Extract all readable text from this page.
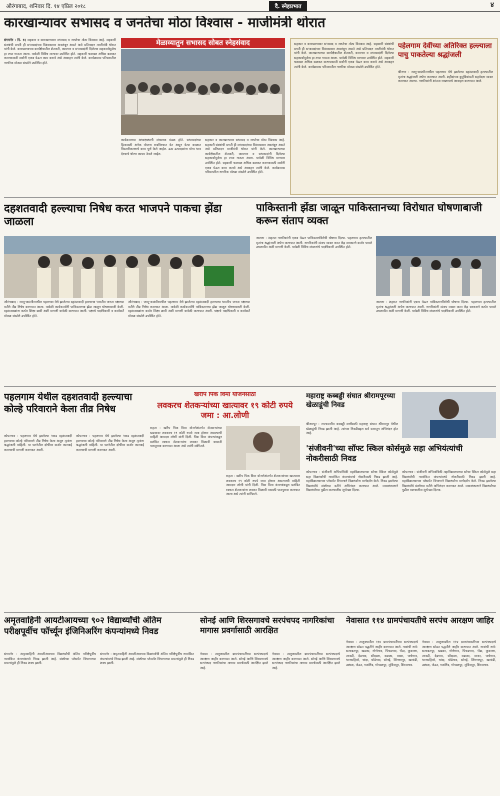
औरंगाबाद, शनिवार दि. १४ एप्रिल २०१८	दै. स्नेहप्रभात	४
कारखान्यावर सभासद व जनतेचा मोठा विश्वास - माजीमंत्री थोरात
संगमनेर : दि. १३ सहकार व कारखान्यावर सभासद व जनतेचा मोठा विश्वास आहे. सहकारी संस्थांची प्रगती ही सभासदांच्या विश्वासावर अवलंबून असते असे प्रतिपादन माजीमंत्री थोरात यांनी केले. कारखान्याच्या कार्यक्षेत्रातील शेतकरी, कामगार व सभासदांनी दिलेल्या सहकार्यामुळेच हा टप्पा गाठता आला. यावेळी विविध मान्यवर उपस्थित होते. सहकारी चळवळ अधिक बळकट करण्यासाठी सर्वांनी एकत्र येऊन काम करावे असे आवाहन त्यांनी केले. कार्यक्रमास परिसरातील नागरिक मोठ्या संख्येने उपस्थित होते.
मेळाव्यातुन सभासद सोबत स्नेहसंवाद
कार्यक्रमाच्या अध्यक्षस्थानी संचालक मंडळ होते. सभासदांच्या हितासाठी अनेक योजना राबविण्यात येत असून येत्या काळात विस्तारीकरणाचे काम पूर्ण केले जाईल. ऊस उत्पादकांना योग्य भाव देण्याचे धोरण कायम ठेवले जाईल.
सहकार व कारखान्यावर सभासद व जनतेचा मोठा विश्वास आहे. सहकारी संस्थांची प्रगती ही सभासदांच्या विश्वासावर अवलंबून असते असे प्रतिपादन माजीमंत्री थोरात यांनी केले. कारखान्याच्या कार्यक्षेत्रातील शेतकरी, कामगार व सभासदांनी दिलेल्या सहकार्यामुळेच हा टप्पा गाठता आला. यावेळी विविध मान्यवर उपस्थित होते. सहकारी चळवळ अधिक बळकट करण्यासाठी सर्वांनी एकत्र येऊन काम करावे असे आवाहन त्यांनी केले. कार्यक्रमास परिसरातील नागरिक मोठ्या संख्येने उपस्थित होते.
सहकार व कारखान्यावर सभासद व जनतेचा मोठा विश्वास आहे. सहकारी संस्थांची प्रगती ही सभासदांच्या विश्वासावर अवलंबून असते असे प्रतिपादन माजीमंत्री थोरात यांनी केले. कारखान्याच्या कार्यक्षेत्रातील शेतकरी, कामगार व सभासदांनी दिलेल्या सहकार्यामुळेच हा टप्पा गाठता आला. यावेळी विविध मान्यवर उपस्थित होते. सहकारी चळवळ अधिक बळकट करण्यासाठी सर्वांनी एकत्र येऊन काम करावे असे आवाहन त्यांनी केले. कार्यक्रमास परिसरातील नागरिक मोठ्या संख्येने उपस्थित होते.
पहेलगाम देवींच्या अतिरिक्त हल्ल्याला पाचु पाकतेल्या श्रद्धांजली
श्रीनगर : जम्मू-काश्मीरमधील पहलगाम येथे झालेल्या दहशतवादी हल्ल्यातील मृतांना श्रद्धांजली अर्पण करण्यात आली. शहीदांच्या कुटुंबियांप्रती सहवेदना व्यक्त करण्यात आल्या. नागरिकांनी शांतता राखण्याचे आवाहन करण्यात आले.
दहशतवादी हल्ल्याचा निषेध करत भाजपने पाकचा झेंडा जाळला
औरंगाबाद : जम्मू-काश्मीरमधील पहलगाम येथे झालेल्या दहशतवादी हल्ल्याचा भारतीय जनता पक्षाच्या वतीने तीव्र निषेध करण्यात आला. यावेळी कार्यकर्त्यांनी पाकिस्तानचा झेंडा जाळून घोषणाबाजी केली. दहशतवाद्यांना कठोर शिक्षा द्यावी अशी मागणी यावेळी करण्यात आली. पक्षाचे पदाधिकारी व कार्यकर्ते मोठ्या संख्येने उपस्थित होते.
औरंगाबाद : जम्मू-काश्मीरमधील पहलगाम येथे झालेल्या दहशतवादी हल्ल्याचा भारतीय जनता पक्षाच्या वतीने तीव्र निषेध करण्यात आला. यावेळी कार्यकर्त्यांनी पाकिस्तानचा झेंडा जाळून घोषणाबाजी केली. दहशतवाद्यांना कठोर शिक्षा द्यावी अशी मागणी यावेळी करण्यात आली. पक्षाचे पदाधिकारी व कार्यकर्ते मोठ्या संख्येने उपस्थित होते.
पाकिस्तानी झेंडा जाळून पाकिस्तानच्या विरोधात घोषणाबाजी करून संताप व्यक्त
जालना : शहरात नागरिकांनी एकत्र येऊन पाकिस्तानविरोधी घोषणा दिल्या. पहलगाम हल्ल्यातील मृतांना श्रद्धांजली अर्पण करण्यात आली. नागरिकांनी संताप व्यक्त करत केंद्र सरकारने कठोर पावले उचलावीत अशी मागणी केली. यावेळी विविध संघटनांचे पदाधिकारी उपस्थित होते.
जालना : शहरात नागरिकांनी एकत्र येऊन पाकिस्तानविरोधी घोषणा दिल्या. पहलगाम हल्ल्यातील मृतांना श्रद्धांजली अर्पण करण्यात आली. नागरिकांनी संताप व्यक्त करत केंद्र सरकारने कठोर पावले उचलावीत अशी मागणी केली. यावेळी विविध संघटनांचे पदाधिकारी उपस्थित होते.
पहलगाम येथील दहशतवादी हल्ल्याचा कोल्हे परिवाराने केला तीव्र निषेध
कोपरगाव : पहलगाम येथे झालेल्या भ्याड दहशतवादी हल्ल्याचा कोल्हे परिवाराने तीव्र निषेध केला असून मृतांना श्रद्धांजली वाहिली. या घटनेतील दोषींवर कठोर कारवाई करण्याची मागणी करण्यात आली.
कोपरगाव : पहलगाम येथे झालेल्या भ्याड दहशतवादी हल्ल्याचा कोल्हे परिवाराने तीव्र निषेध केला असून मृतांना श्रद्धांजली वाहिली. या घटनेतील दोषींवर कठोर कारवाई करण्याची मागणी करण्यात आली.
खरीप पिक विमा योजनेसाठी
लवकरच शेतकऱ्यांच्या खात्यावर १९ कोटी रुपये जमा : आ.लोणी
राहता : खरीप पिक विमा योजनेअंतर्गत शेतकऱ्यांच्या खात्यावर लवकरच १९ कोटी रुपये जमा होणार असल्याची माहिती आमदार लोणी यांनी दिली. पिक विमा कंपन्यांकडून प्रलंबित रक्कम शेतकऱ्यांना लवकर मिळावी यासाठी पाठपुरावा करण्यात आला असे त्यांनी सांगितले.
राहता : खरीप पिक विमा योजनेअंतर्गत शेतकऱ्यांच्या खात्यावर लवकरच १९ कोटी रुपये जमा होणार असल्याची माहिती आमदार लोणी यांनी दिली. पिक विमा कंपन्यांकडून प्रलंबित रक्कम शेतकऱ्यांना लवकर मिळावी यासाठी पाठपुरावा करण्यात आला असे त्यांनी सांगितले.
महाराष्ट्र कब्बड्डी संघात श्रीरामपूरच्या खेळाडूंची निवड
श्रीरामपूर : राज्यस्तरीय कब्बड्डी स्पर्धेसाठी महाराष्ट्र संघात श्रीरामपूर येथील खेळाडूंची निवड झाली आहे. त्यांच्या निवडीबद्दल सर्व स्तरातून अभिनंदन होत आहे.
'संजीवनी'च्या सॉफ्ट स्किल कोर्समुळे सहा अभियंत्यांची नोकरीसाठी निवड
कोपरगाव : संजीवनी अभियांत्रिकी महाविद्यालयाच्या सॉफ्ट स्किल कोर्समुळे सहा विद्यार्थ्यांची नामांकित कंपन्यांमध्ये नोकरीसाठी निवड झाली आहे. महाविद्यालयाच्या प्लेसमेंट विभागाने विद्यार्थ्यांना मार्गदर्शन केले. निवड झालेल्या विद्यार्थ्यांचे संस्थेच्या वतीने अभिनंदन करण्यात आले. व्यवस्थापनाने विद्यार्थ्यांच्या पुढील वाटचालीस शुभेच्छा दिल्या.
कोपरगाव : संजीवनी अभियांत्रिकी महाविद्यालयाच्या सॉफ्ट स्किल कोर्समुळे सहा विद्यार्थ्यांची नामांकित कंपन्यांमध्ये नोकरीसाठी निवड झाली आहे. महाविद्यालयाच्या प्लेसमेंट विभागाने विद्यार्थ्यांना मार्गदर्शन केले. निवड झालेल्या विद्यार्थ्यांचे संस्थेच्या वतीने अभिनंदन करण्यात आले. व्यवस्थापनाने विद्यार्थ्यांच्या पुढील वाटचालीस शुभेच्छा दिल्या.
अमृतवाहिनी आयटीआयच्या ९०२ विद्यार्थ्यांची अंतिम परीक्षपूर्वीच फॉर्च्यून इंजिनिअरिंग कंपन्यांमध्ये निवड
संगमनेर : अमृतवाहिनी आयटीआयच्या विद्यार्थ्यांची अंतिम परीक्षेपूर्वीच नामांकित कंपन्यांमध्ये निवड झाली आहे. संस्थेच्या प्लेसमेंट विभागाच्या प्रयत्नांमुळे ही निवड शक्य झाली.
संगमनेर : अमृतवाहिनी आयटीआयच्या विद्यार्थ्यांची अंतिम परीक्षेपूर्वीच नामांकित कंपन्यांमध्ये निवड झाली आहे. संस्थेच्या प्लेसमेंट विभागाच्या प्रयत्नांमुळे ही निवड शक्य झाली.
सोनई आणि शिरसगावचे सरपंचपद नागरिकांचा मागास प्रवर्गासाठी आरक्षित
नेवासा : तालुक्यातील ग्रामपंचायतींच्या सरपंचपदाचे आरक्षण जाहीर करण्यात आले. सोनई आणि शिरसगावचे सरपंचपद नागरिकांचा मागास प्रवर्गासाठी आरक्षित झाले आहे.
नेवासा : तालुक्यातील ग्रामपंचायतींच्या सरपंचपदाचे आरक्षण जाहीर करण्यात आले. सोनई आणि शिरसगावचे सरपंचपद नागरिकांचा मागास प्रवर्गासाठी आरक्षित झाले आहे.
नेवासात ११४ ग्रामपंचायतीचे सरपंच आरक्षण जाहिर
नेवासा : तालुक्यातील ११४ ग्रामपंचायतींच्या सरपंचपदाचे आरक्षण सोडत पद्धतीने जाहीर करण्यात आले. गावांची नावे: सलाबतपूर, खडका, गोणेगाव, पिचडगाव, भेंडा, कुकाणा, तरवडी, देडगाव, सौंदाळा, वडाळा, माका, पाचेगाव, भानसहिवरे, चांदा, घोडेगाव, सोनई, शिंगणापूर, खरवंडी, उस्थळ, जेऊर, गळनिंब, गोपाळपूर, मुकिंदपूर, शिरसगाव.
नेवासा : तालुक्यातील ११४ ग्रामपंचायतींच्या सरपंचपदाचे आरक्षण सोडत पद्धतीने जाहीर करण्यात आले. गावांची नावे: सलाबतपूर, खडका, गोणेगाव, पिचडगाव, भेंडा, कुकाणा, तरवडी, देडगाव, सौंदाळा, वडाळा, माका, पाचेगाव, भानसहिवरे, चांदा, घोडेगाव, सोनई, शिंगणापूर, खरवंडी, उस्थळ, जेऊर, गळनिंब, गोपाळपूर, मुकिंदपूर, शिरसगाव.
